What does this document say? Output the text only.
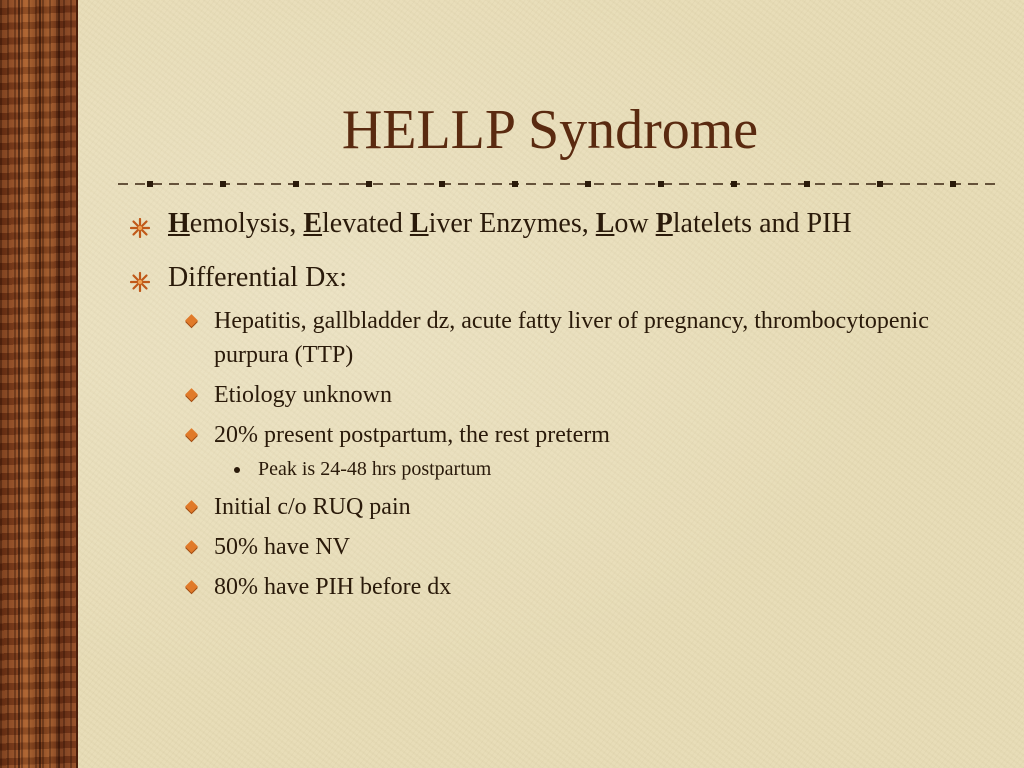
HELLP Syndrome
Hemolysis, Elevated Liver Enzymes, Low Platelets and PIH
Differential Dx:
Hepatitis, gallbladder dz, acute fatty liver of pregnancy, thrombocytopenic purpura (TTP)
Etiology unknown
20% present postpartum, the rest preterm
Peak is 24-48 hrs postpartum
Initial c/o RUQ pain
50% have NV
80% have PIH before dx
